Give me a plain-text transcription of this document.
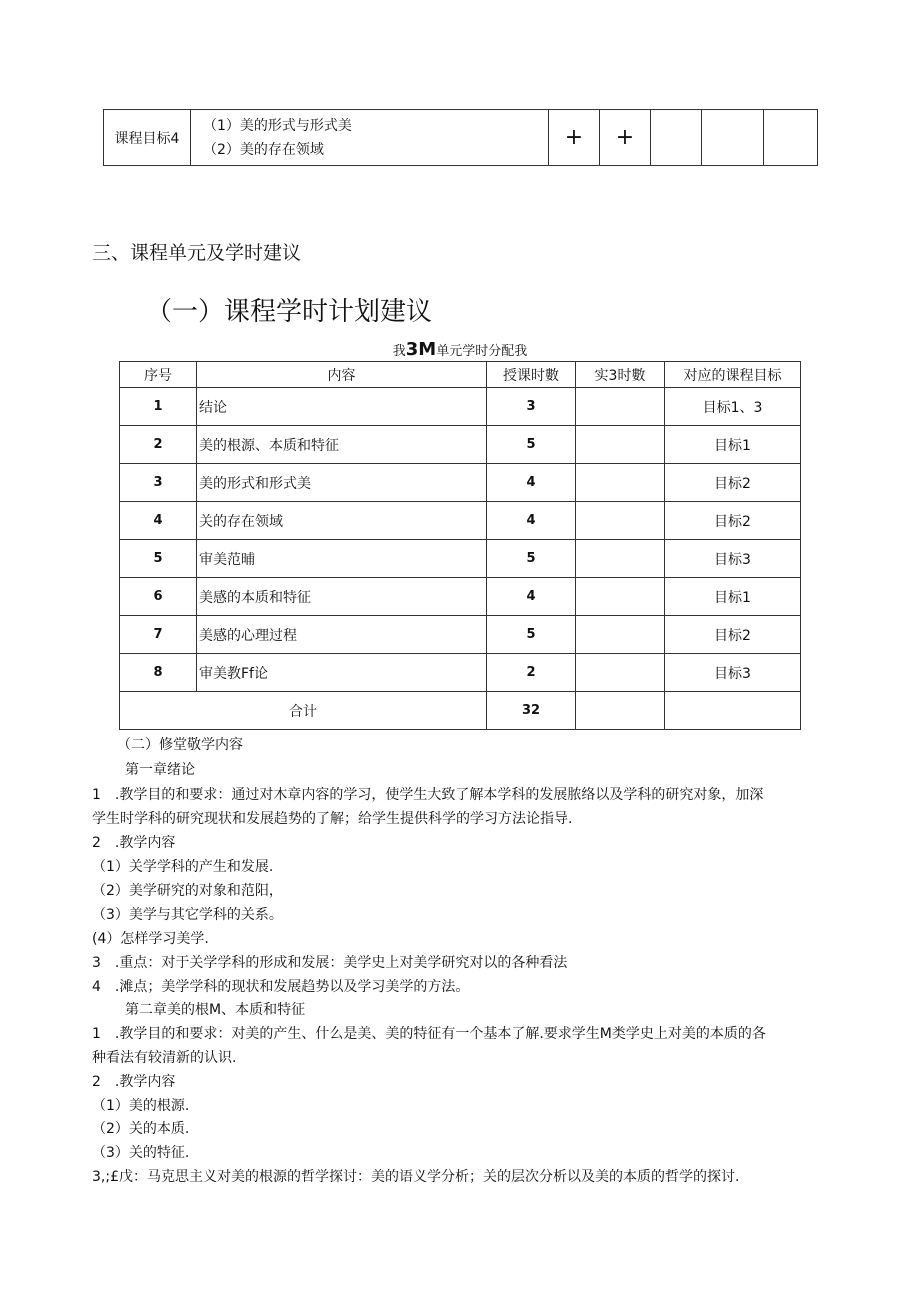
课程目标4	
（1）美的形式与形式美
（2）美的存在领域	+	+			
三、课程单元及学时建议
（一）课程学时计划建议
我3M单元学时分配我
序号	内容	授课时數	实3时數	对应的课程目标
1	结论	3		目标1、3
2	美的根源、本质和特征	5		目标1
3	美的形式和形式美	4		目标2
4	关的存在领域	4		目标2
5	审美范晡	5		目标3
6	美感的本质和特征	4		目标1
7	美感的心理过程	5		目标2
8	审美教Ff论	2		目标3
合计		32		
（二）修堂敬学内容
第一章绪论
1　.教学目的和要求：通过对木章内容的学习，使学生大致了解本学科的发展脓络以及学科的研究对象，加深
学生时学科的研究现状和发展趋势的了解；给学生提供科学的学习方法论指导.
2　.教学内容
（1）关学学科的产生和发展.
（2）美学研究的对象和范阳，
（3）美学与其它学科的关系。
(4）怎样学习美学.
3　.重点：对于关学学科的形成和发展：美学史上对美学研究对以的各种看法
4　.滩点；美学学科的现状和发展趋势以及学习美学的方法。
第二章美的根M、本质和特征
1　.教学目的和要求：对美的产生、什么是美、美的特征有一个基本了解.要求学生M类学史上对美的本质的各
种看法有较清新的认识.
2　.教学内容
（1）美的根源.
（2）关的本质.
（3）关的特征.
3,;£戊：马克思主义对美的根源的哲学探讨：美的语义学分析；关的层次分析以及美的本质的哲学的探讨.
